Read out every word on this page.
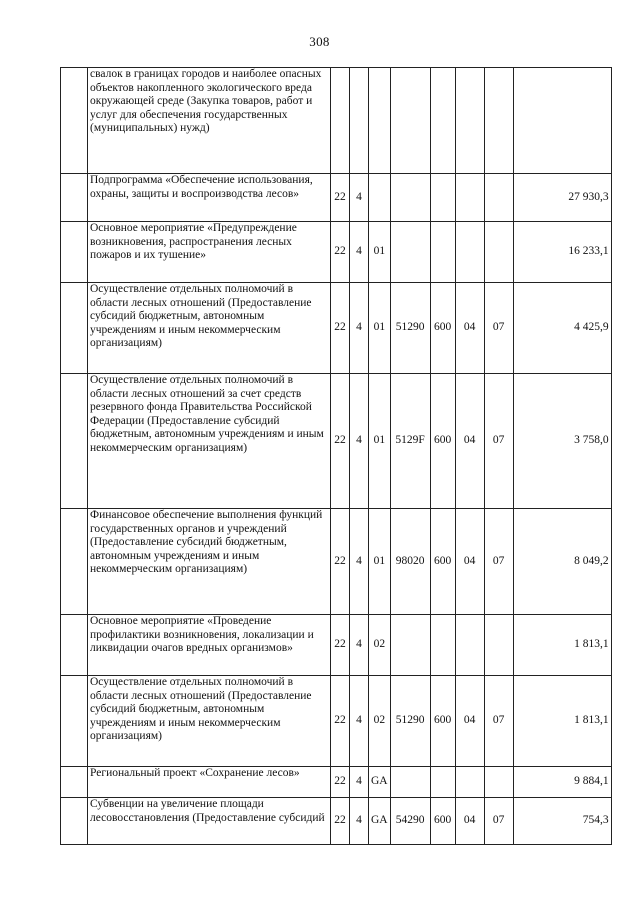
308

	свалок в границах городов и наиболее опасных объектов накопленного экологического вреда окружающей среде (Закупка товаров, работ и услуг для обеспечения государственных (муниципальных) нужд)								

	Подпрограмма «Обеспечение использования, охраны, защиты и воспроизводства лесов»	22	4						27 930,3

	Основное мероприятие «Предупреждение возникновения, распространения лесных пожаров и их тушение»	22	4	01					16 233,1

	Осуществление отдельных полномочий в области лесных отношений (Предоставление субсидий бюджетным, автономным учреждениям и иным некоммерческим организациям)	22	4	01	51290	600	04	07	4 425,9

	Осуществление отдельных полномочий в области лесных отношений за счет средств резервного фонда Правительства Российской Федерации (Предоставление субсидий бюджетным, автономным учреждениям и иным некоммерческим организациям)	22	4	01	5129F	600	04	07	3 758,0

	Финансовое обеспечение выполнения функций государственных органов и учреждений (Предоставление субсидий бюджетным, автономным учреждениям и иным некоммерческим организациям)	22	4	01	98020	600	04	07	8 049,2

	Основное мероприятие «Проведение профилактики возникновения, локализации и ликвидации очагов вредных организмов»	22	4	02					1 813,1

	Осуществление отдельных полномочий в области лесных отношений (Предоставление субсидий бюджетным, автономным учреждениям и иным некоммерческим организациям)	22	4	02	51290	600	04	07	1 813,1

	Региональный проект «Сохранение лесов»	22	4	GA					9 884,1

	Субвенции на увеличение площади лесовосстановления (Предоставление субсидий	22	4	GA	54290	600	04	07	754,3
